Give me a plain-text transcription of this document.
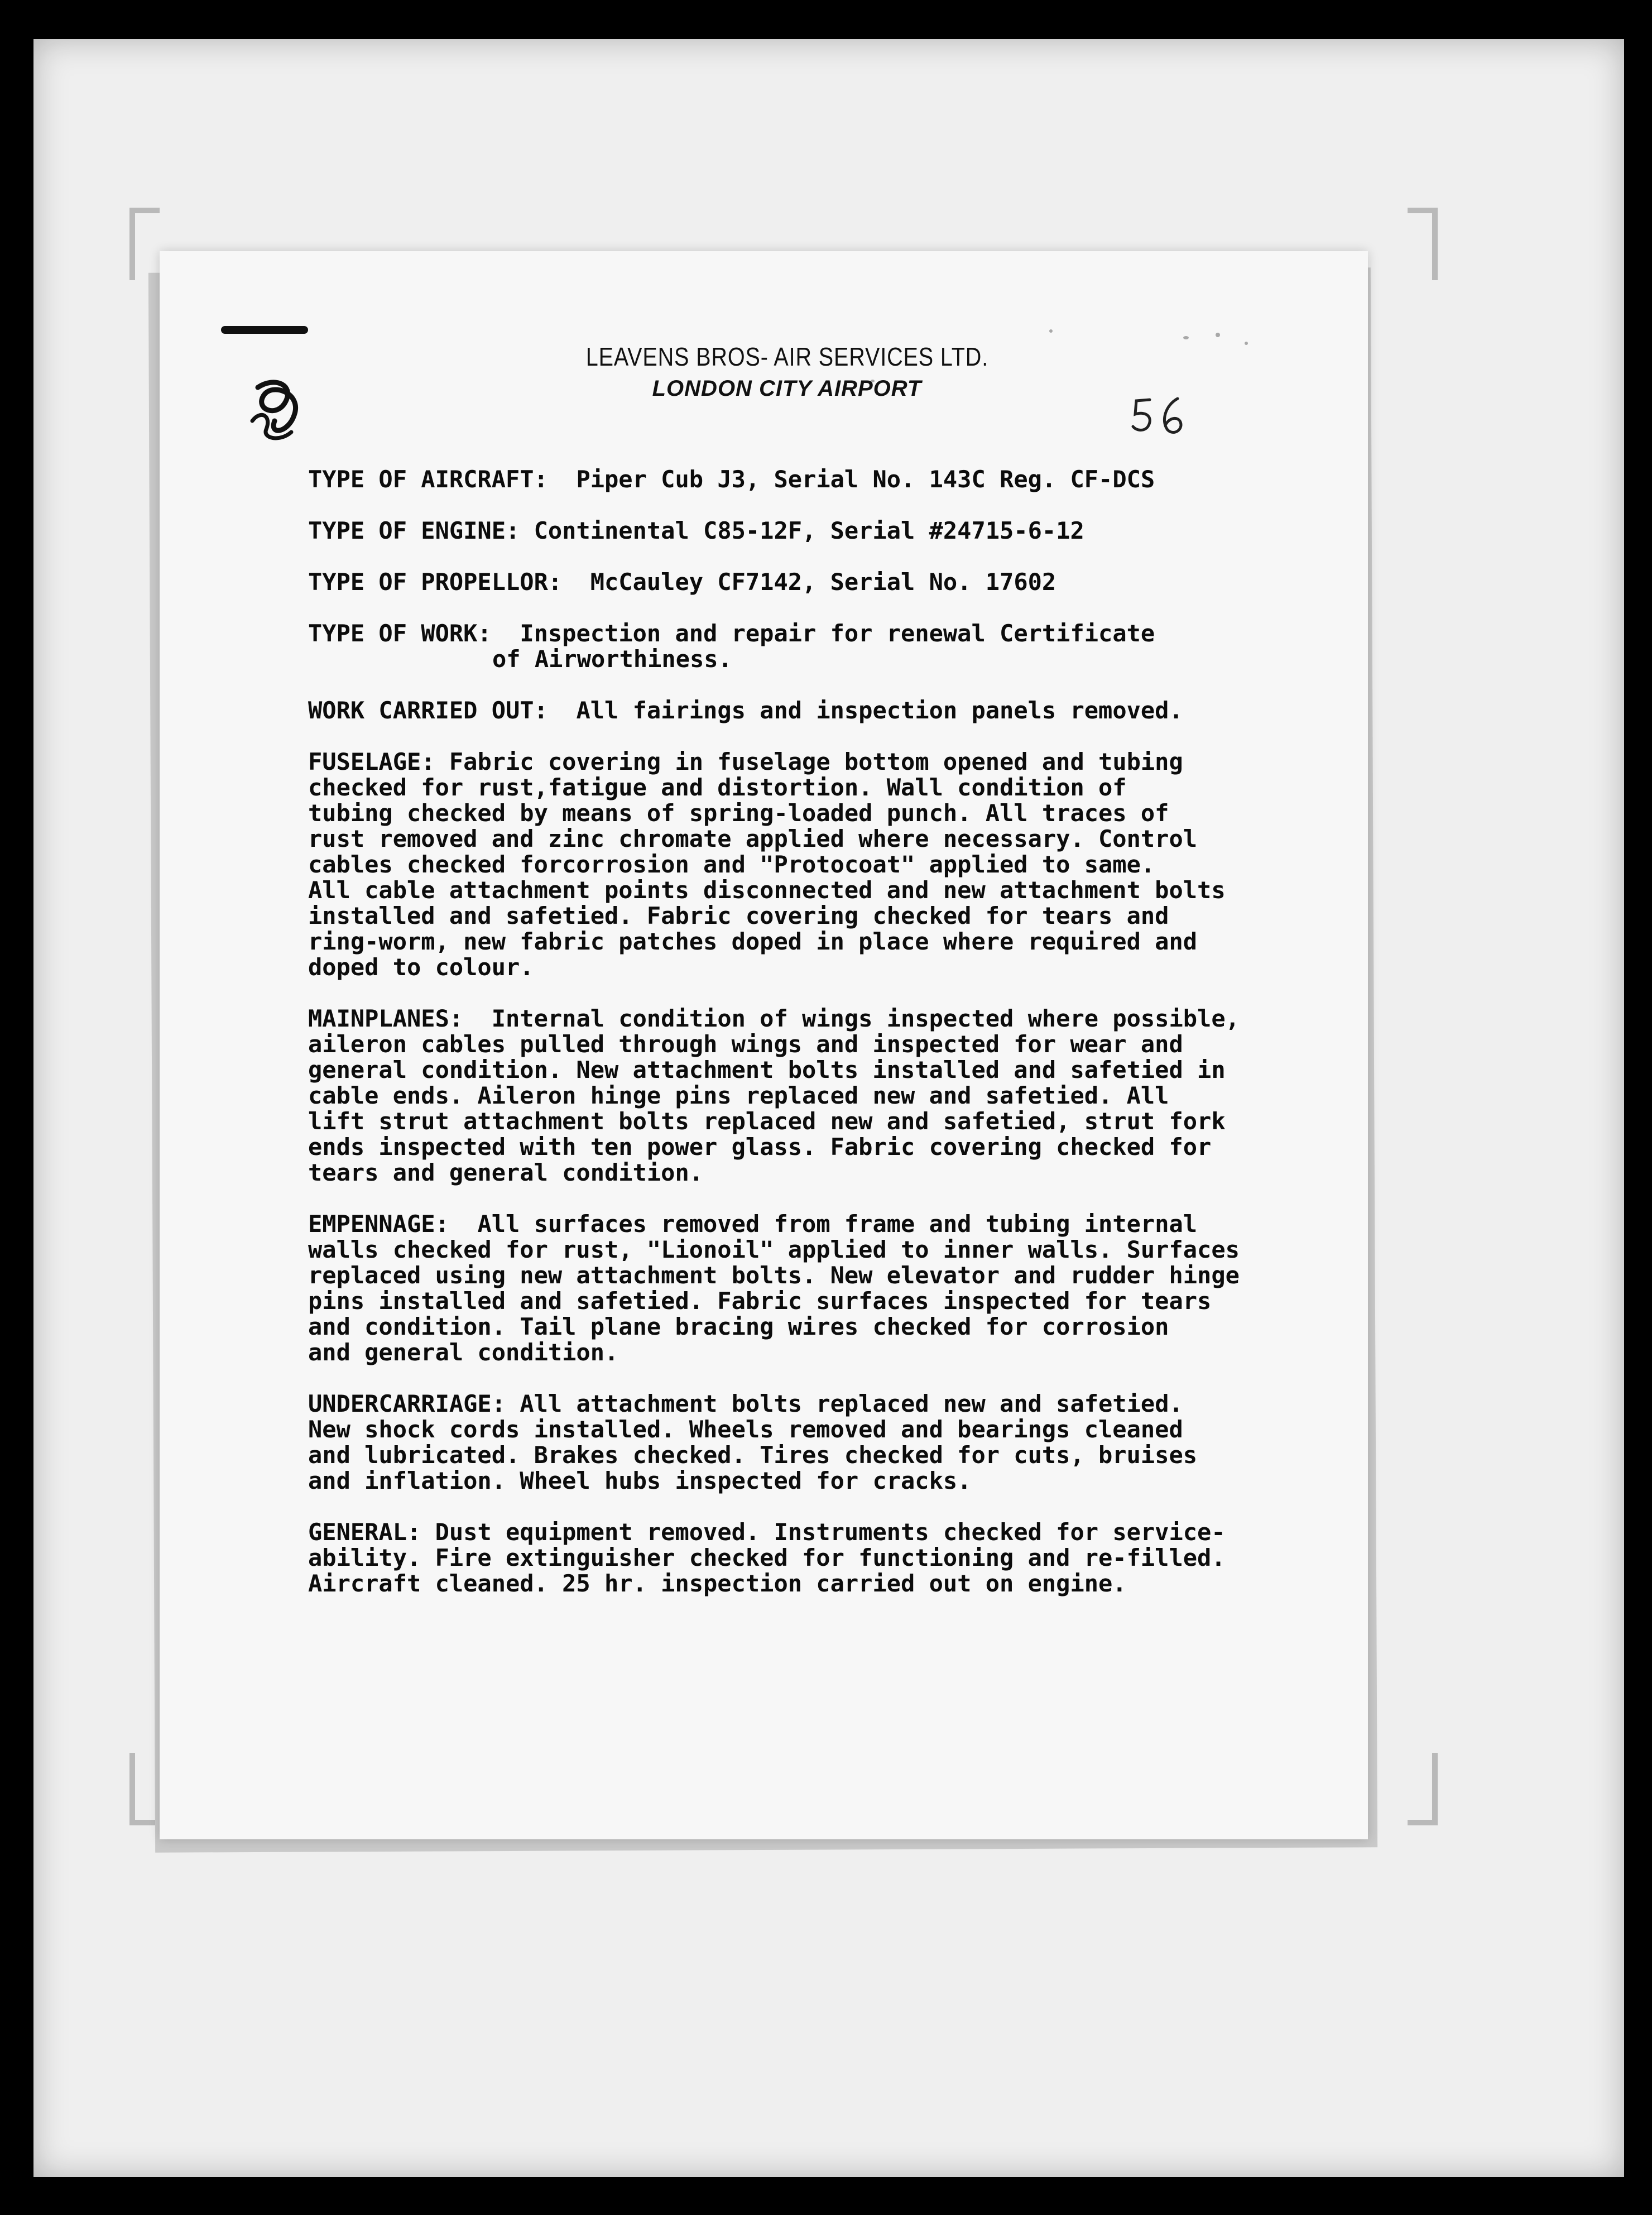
LEAVENS BROS- AIR SERVICES LTD.
LONDON CITY AIRPORT
TYPE OF AIRCRAFT: Piper Cub J3, Serial No. 143C Reg. CF-DCS
TYPE OF ENGINE: Continental C85-12F, Serial #24715-6-12
TYPE OF PROPELLOR: McCauley CF7142, Serial No. 17602
TYPE OF WORK: Inspection and repair for renewal Certificate
of Airworthiness.
WORK CARRIED OUT: All fairings and inspection panels removed.
FUSELAGE: Fabric covering in fuselage bottom opened and tubing
checked for rust,fatigue and distortion. Wall condition of
tubing checked by means of spring-loaded punch. All traces of
rust removed and zinc chromate applied where necessary. Control
cables checked forcorrosion and "Protocoat" applied to same.
All cable attachment points disconnected and new attachment bolts
installed and safetied. Fabric covering checked for tears and
ring-worm, new fabric patches doped in place where required and
doped to colour.
MAINPLANES: Internal condition of wings inspected where possible,
aileron cables pulled through wings and inspected for wear and
general condition. New attachment bolts installed and safetied in
cable ends. Aileron hinge pins replaced new and safetied. All
lift strut attachment bolts replaced new and safetied, strut fork
ends inspected with ten power glass. Fabric covering checked for
tears and general condition.
EMPENNAGE: All surfaces removed from frame and tubing internal
walls checked for rust, "Lionoil" applied to inner walls. Surfaces
replaced using new attachment bolts. New elevator and rudder hinge
pins installed and safetied. Fabric surfaces inspected for tears
and condition. Tail plane bracing wires checked for corrosion
and general condition.
UNDERCARRIAGE: All attachment bolts replaced new and safetied.
New shock cords installed. Wheels removed and bearings cleaned
and lubricated. Brakes checked. Tires checked for cuts, bruises
and inflation. Wheel hubs inspected for cracks.
GENERAL: Dust equipment removed. Instruments checked for service-
ability. Fire extinguisher checked for functioning and re-filled.
Aircraft cleaned. 25 hr. inspection carried out on engine.
